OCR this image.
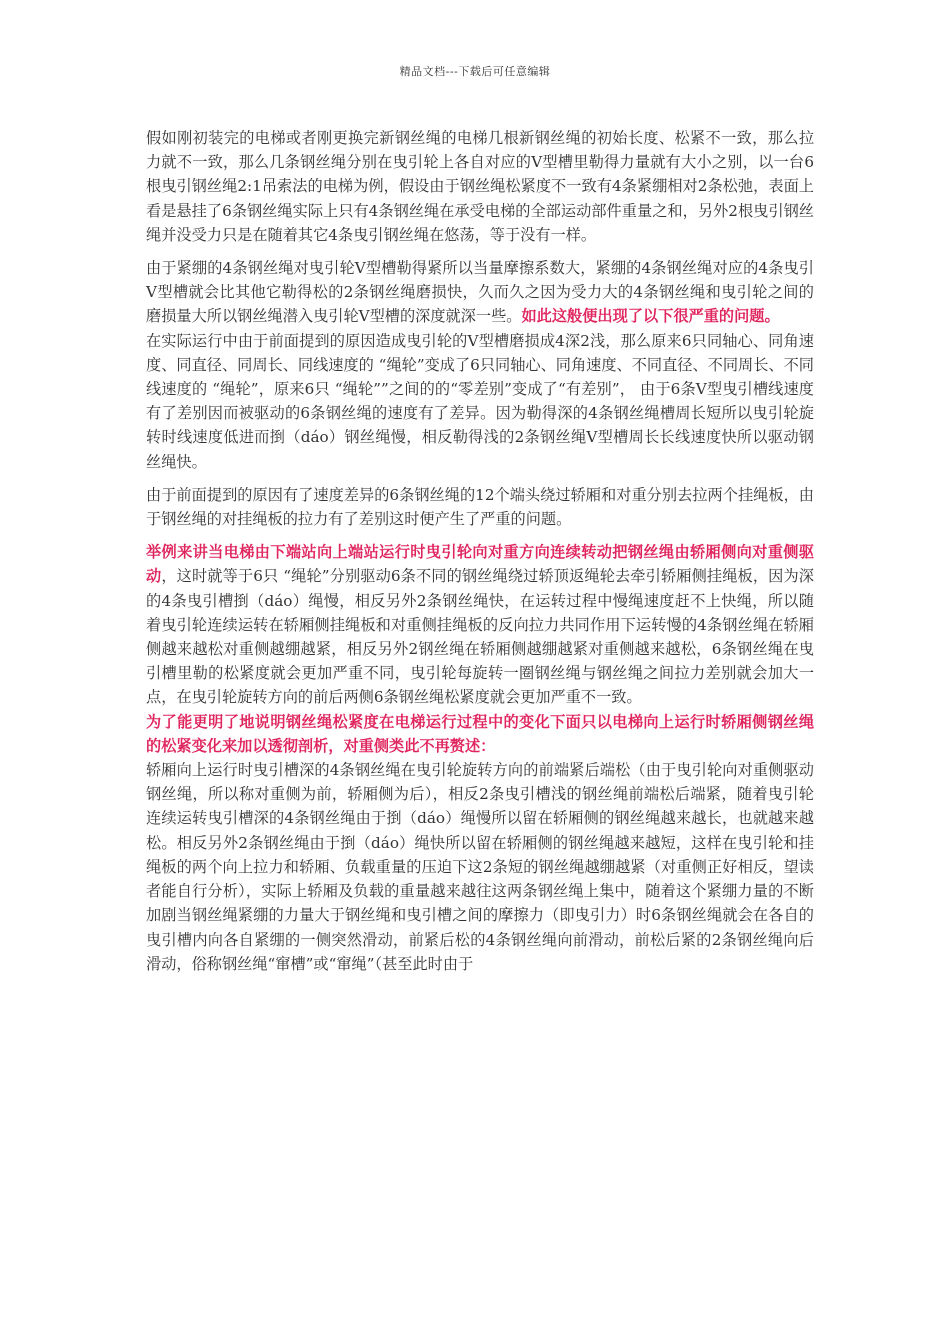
精品文档---下载后可任意编辑

假如刚初装完的电梯或者刚更换完新钢丝绳的电梯几根新钢丝绳的初始长度、松紧不一致，那么拉力就不一致，那么几条钢丝绳分别在曳引轮上各自对应的V型槽里勒得力量就有大小之别，以一台6根曳引钢丝绳2:1吊索法的电梯为例，假设由于钢丝绳松紧度不一致有4条紧绷相对2条松弛，表面上看是悬挂了6条钢丝绳实际上只有4条钢丝绳在承受电梯的全部运动部件重量之和，另外2根曳引钢丝绳并没受力只是在随着其它4条曳引钢丝绳在悠荡，等于没有一样。

由于紧绷的4条钢丝绳对曳引轮V型槽勒得紧所以当量摩擦系数大，紧绷的4条钢丝绳对应的4条曳引V型槽就会比其他它勒得松的2条钢丝绳磨损快，久而久之因为受力大的4条钢丝绳和曳引轮之间的磨损量大所以钢丝绳潜入曳引轮V型槽的深度就深一些。如此这般便出现了以下很严重的问题。

在实际运行中由于前面提到的原因造成曳引轮的V型槽磨损成4深2浅，那么原来6只同轴心、同角速度、同直径、同周长、同线速度的 “绳轮”变成了6只同轴心、同角速度、不同直径、不同周长、不同线速度的 “绳轮”，原来6只 “绳轮””之间的的“零差别”变成了“有差别”， 由于6条V型曳引槽线速度有了差别因而被驱动的6条钢丝绳的速度有了差异。因为勒得深的4条钢丝绳槽周长短所以曳引轮旋转时线速度低进而捯（dáo）钢丝绳慢，相反勒得浅的2条钢丝绳V型槽周长长线速度快所以驱动钢丝绳快。

由于前面提到的原因有了速度差异的6条钢丝绳的12个端头绕过轿厢和对重分别去拉两个挂绳板，由于钢丝绳的对挂绳板的拉力有了差别这时便产生了严重的问题。

举例来讲当电梯由下端站向上端站运行时曳引轮向对重方向连续转动把钢丝绳由轿厢侧向对重侧驱动，这时就等于6只 “绳轮”分别驱动6条不同的钢丝绳绕过轿顶返绳轮去牵引轿厢侧挂绳板，因为深的4条曳引槽捯（dáo）绳慢，相反另外2条钢丝绳快，在运转过程中慢绳速度赶不上快绳，所以随着曳引轮连续运转在轿厢侧挂绳板和对重侧挂绳板的反向拉力共同作用下运转慢的4条钢丝绳在轿厢侧越来越松对重侧越绷越紧，相反另外2钢丝绳在轿厢侧越绷越紧对重侧越来越松，6条钢丝绳在曳引槽里勒的松紧度就会更加严重不同，曳引轮每旋转一圈钢丝绳与钢丝绳之间拉力差别就会加大一点，在曳引轮旋转方向的前后两侧6条钢丝绳松紧度就会更加严重不一致。

为了能更明了地说明钢丝绳松紧度在电梯运行过程中的变化下面只以电梯向上运行时轿厢侧钢丝绳的松紧变化来加以透彻剖析，对重侧类此不再赘述：

轿厢向上运行时曳引槽深的4条钢丝绳在曳引轮旋转方向的前端紧后端松（由于曳引轮向对重侧驱动钢丝绳，所以称对重侧为前，轿厢侧为后），相反2条曳引槽浅的钢丝绳前端松后端紧，随着曳引轮连续运转曳引槽深的4条钢丝绳由于捯（dáo）绳慢所以留在轿厢侧的钢丝绳越来越长，也就越来越松。相反另外2条钢丝绳由于捯（dáo）绳快所以留在轿厢侧的钢丝绳越来越短，这样在曳引轮和挂绳板的两个向上拉力和轿厢、负载重量的压迫下这2条短的钢丝绳越绷越紧（对重侧正好相反，望读者能自行分析），实际上轿厢及负载的重量越来越往这两条钢丝绳上集中，随着这个紧绷力量的不断加剧当钢丝绳紧绷的力量大于钢丝绳和曳引槽之间的摩擦力（即曳引力）时6条钢丝绳就会在各自的曳引槽内向各自紧绷的一侧突然滑动，前紧后松的4条钢丝绳向前滑动，前松后紧的2条钢丝绳向后滑动，俗称钢丝绳“窜槽”或“窜绳”（甚至此时由于
